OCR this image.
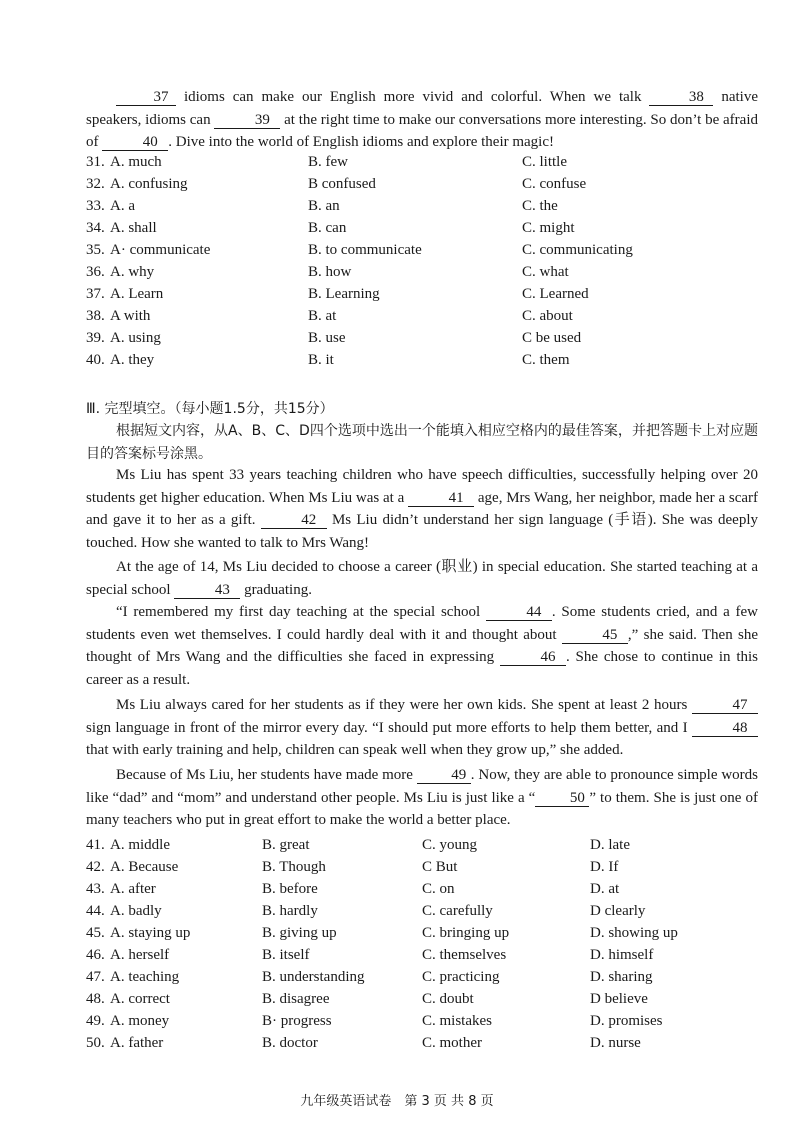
37 idioms can make our English more vivid and colorful. When we talk	38 native speakers, idioms can	39 at the right time to make our conversations more interesting. So don’t be afraid of	40 . Dive into the world of English idioms and explore their magic!

31.	A. much	B. few	C. little
32.	A. confusing	B confused	C. confuse
33.	A. a	B. an	C. the
34.	A. shall	B. can	C. might
35.	A· communicate	B. to communicate	C. communicating
36.	A. why	B. how	C. what
37.	A. Learn	B. Learning	C. Learned
38.	A with	B. at	C. about
39.	A. using	B. use	C be used
40.	A. they	B. it	C. them
Ⅲ. 完型填空。（每小题1.5分，共15分）

根据短文内容，从A、B、C、D四个选项中选出一个能填入相应空格内的最佳答案，并把答题卡上对应题目的答案标号涂黑。

Ms Liu has spent 33 years teaching children who have speech difficulties, successfully helping over 20 students get higher education. When Ms Liu was at a	41 age, Mrs Wang, her neighbor, made her a scarf and gave it to her as a gift.	42 Ms Liu didn’t understand her sign language (手语). She was deeply touched. How she wanted to talk to Mrs Wang!

At the age of 14, Ms Liu decided to choose a career (职业) in special education. She started teaching at a special school	43 graduating.

“I remembered my first day teaching at the special school	44 . Some students cried, and a few students even wet themselves. I could hardly deal with it and thought about	45 ,” she said. Then she thought of Mrs Wang and the difficulties she faced in expressing	46 . She chose to continue in this career as a result.

Ms Liu always cared for her students as if they were her own kids. She spent at least 2 hours	47 sign language in front of the mirror every day. “I should put more efforts to help them better, and I	48 that with early training and help, children can speak well when they grow up,” she added.

Because of Ms Liu, her students have made more	49 . Now, they are able to pronounce simple words like “dad” and “mom” and understand other people. Ms Liu is just like a “ 50 ” to them. She is just one of many teachers who put in great effort to make the world a better place.

41.	A. middle	B. great	C. young	D. late
42.	A. Because	B. Though	C But	D. If
43.	A. after	B. before	C. on	D. at
44.	A. badly	B. hardly	C. carefully	D clearly
45.	A. staying up	B. giving up	C. bringing up	D. showing up
46.	A. herself	B. itself	C. themselves	D. himself
47.	A. teaching	B. understanding	C. practicing	D. sharing
48.	A. correct	B. disagree	C. doubt	D believe
49.	A. money	B· progress	C. mistakes	D. promises
50.	A. father	B. doctor	C. mother	D. nurse
九年级英语试卷　第 3 页 共 8 页
